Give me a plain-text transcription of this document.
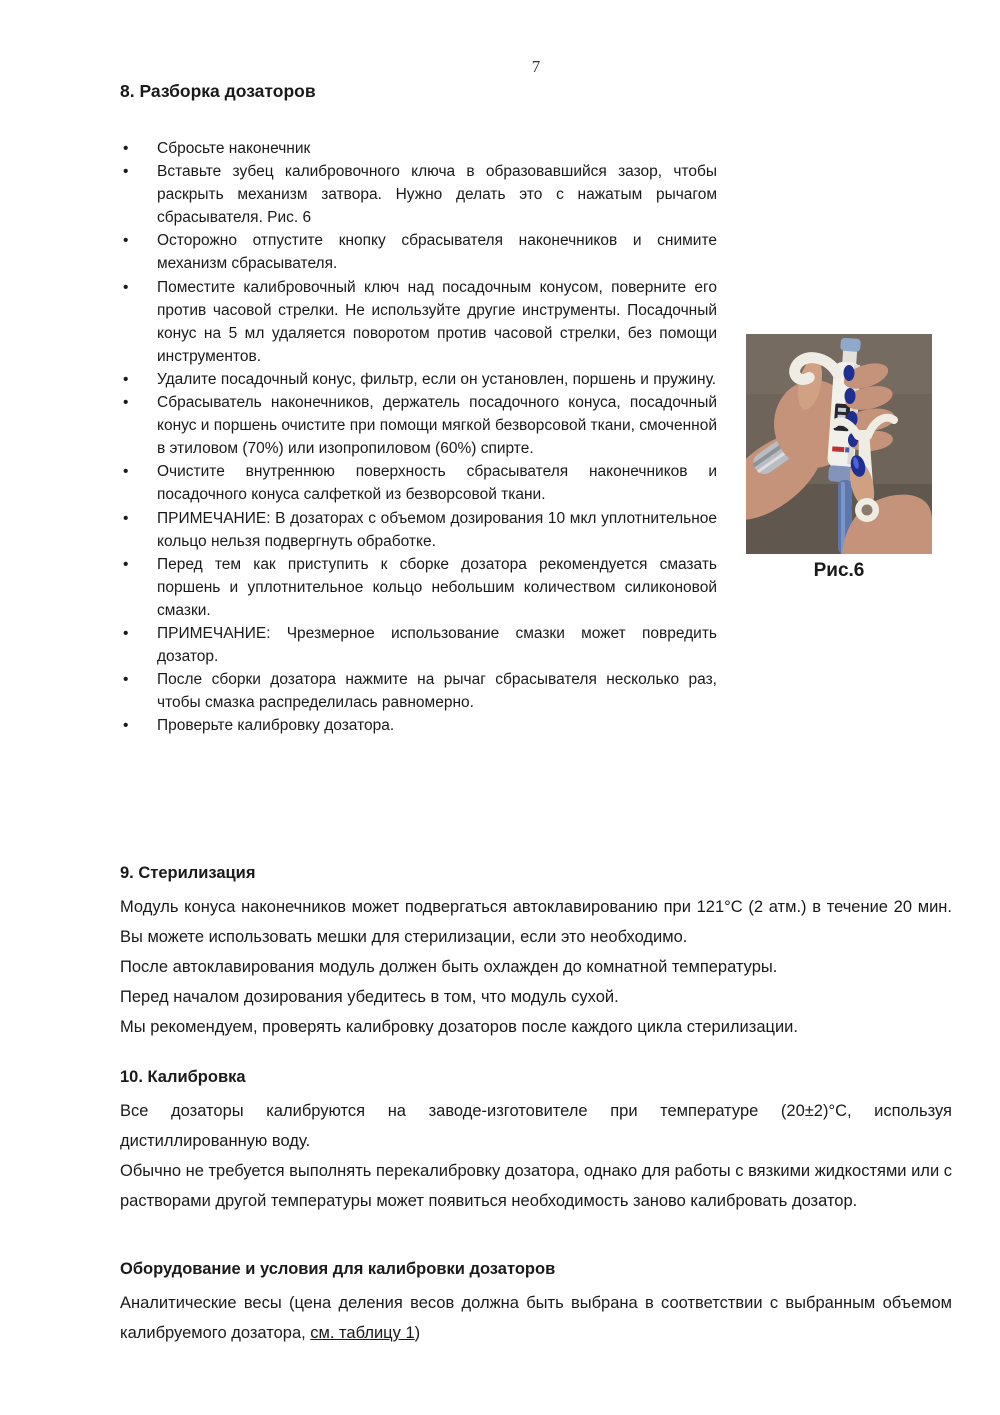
7
8. Разборка дозаторов
• Сбросьте наконечник
• Вставьте зубец калибровочного ключа в образовавшийся зазор, чтобы раскрыть механизм затвора. Нужно делать это с нажатым рычагом сбрасывателя. Рис. 6
• Осторожно отпустите кнопку сбрасывателя наконечников и снимите механизм сбрасывателя.
• Поместите калибровочный ключ над посадочным конусом, поверните его против часовой стрелки. Не используйте другие инструменты. Посадочный конус на 5 мл удаляется поворотом против часовой стрелки, без помощи инструментов.
• Удалите посадочный конус, фильтр, если он установлен, поршень и пружину.
• Сбрасыватель наконечников, держатель посадочного конуса, посадочный конус и поршень очистите при помощи мягкой безворсовой ткани, смоченной в этиловом (70%) или изопропиловом (60%) спирте.
• Очистите внутреннюю поверхность сбрасывателя наконечников и посадочного конуса салфеткой из безворсовой ткани.
• ПРИМЕЧАНИЕ: В дозаторах с объемом дозирования 10 мкл уплотнительное кольцо нельзя подвергнуть обработке.
• Перед тем как приступить к сборке дозатора рекомендуется смазать поршень и уплотнительное кольцо небольшим количеством силиконовой смазки.
• ПРИМЕЧАНИЕ: Чрезмерное использование смазки может повредить дозатор.
• После сборки дозатора нажмите на рычаг сбрасывателя несколько раз, чтобы смазка распределилась равномерно.
• Проверьте калибровку дозатора.
Рис.6
9. Стерилизация

Модуль конуса наконечников может подвергаться автоклавированию при 121°С (2 атм.) в течение 20 мин. Вы можете использовать мешки для стерилизации, если это необходимо.

После автоклавирования модуль должен быть охлажден до комнатной температуры.

Перед началом дозирования убедитесь в том, что модуль сухой.

Мы рекомендуем, проверять калибровку дозаторов после каждого цикла стерилизации.

10. Калибровка

Все дозаторы калибруются на заводе-изготовителе при температуре (20±2)°С, используя дистиллированную воду.

Обычно не требуется выполнять перекалибровку дозатора, однако для работы с вязкими жидкостями или с растворами другой температуры может появиться необходимость заново калибровать дозатор.

Оборудование и условия для калибровки дозаторов

Аналитические весы (цена деления весов должна быть выбрана в соответствии с выбранным объемом калибруемого дозатора, см. таблицу 1)
